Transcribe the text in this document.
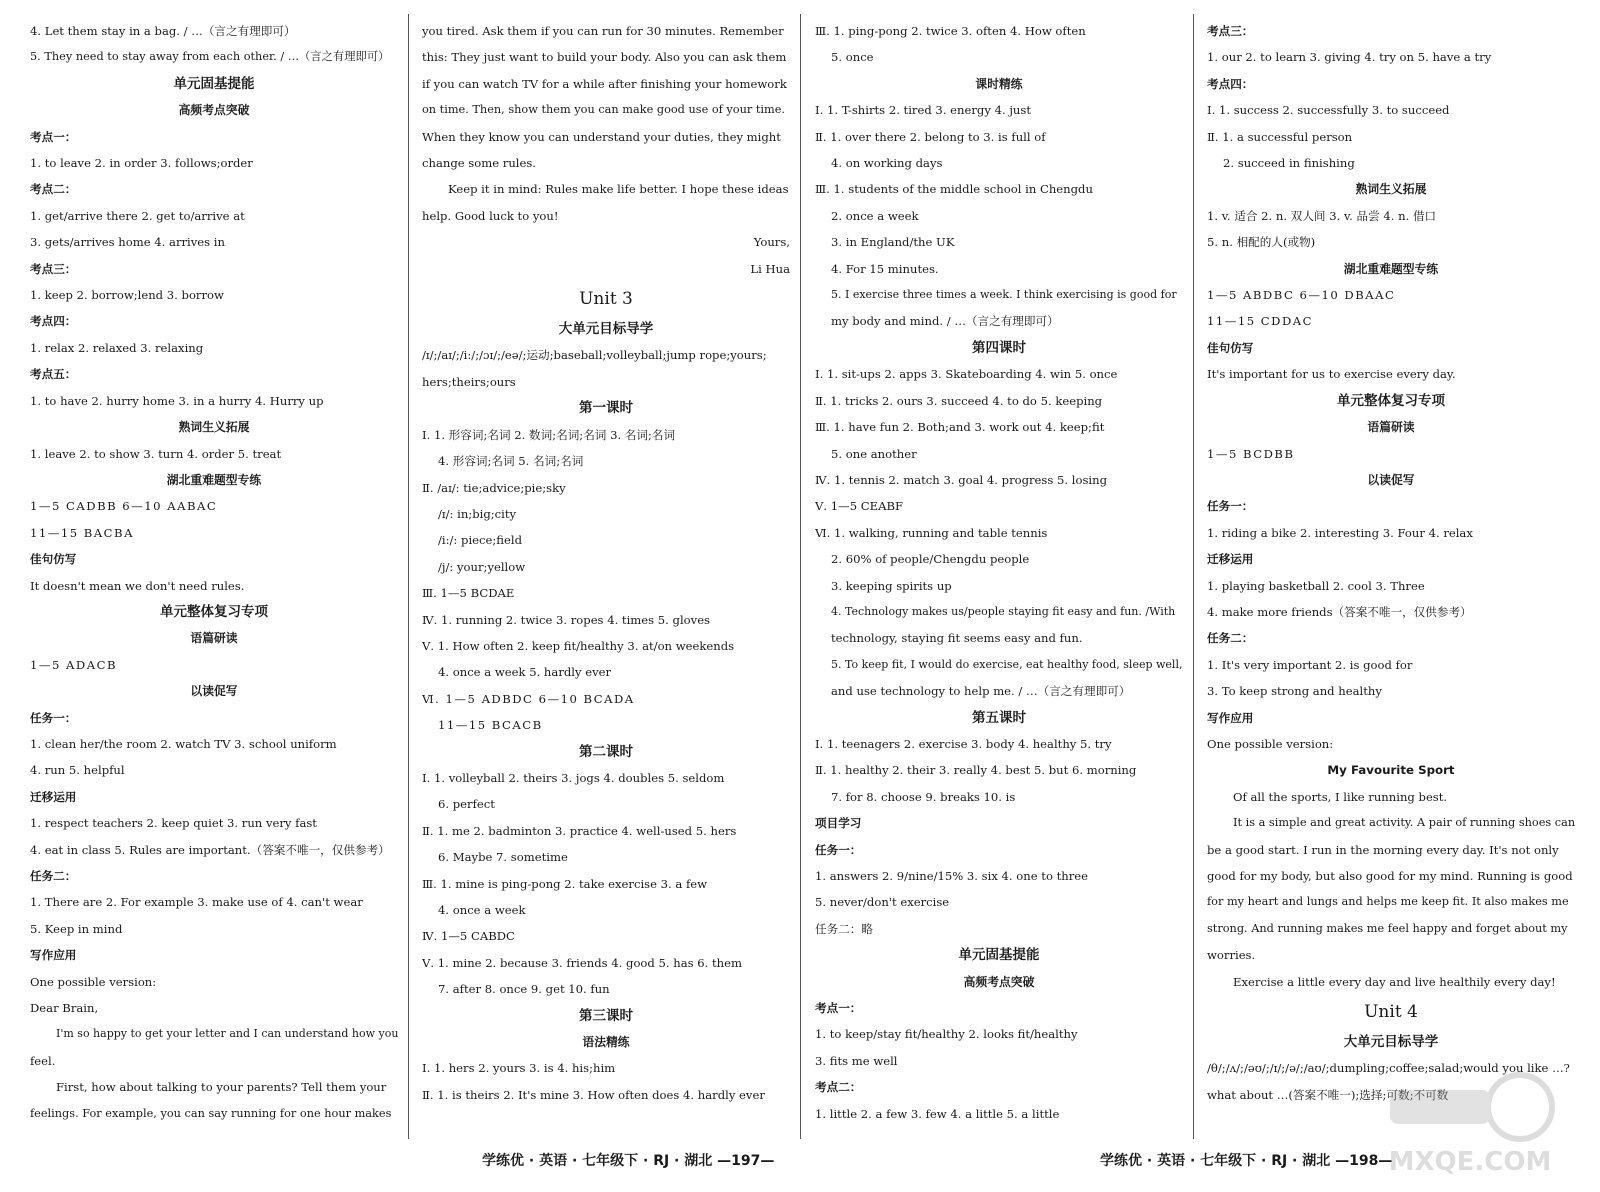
4. Let them stay in a bag. / …（言之有理即可）
5. They need to stay away from each other. / …（言之有理即可）
单元固基提能
高频考点突破
考点一：
1. to leave 2. in order 3. follows;order
考点二：
1. get/arrive there 2. get to/arrive at
3. gets/arrives home 4. arrives in
考点三：
1. keep 2. borrow;lend 3. borrow
考点四：
1. relax 2. relaxed 3. relaxing
考点五：
1. to have 2. hurry home 3. in a hurry 4. Hurry up
熟词生义拓展
1. leave 2. to show 3. turn 4. order 5. treat
湖北重难题型专练
1—5 CADBB 6—10 AABAC
11—15 BACBA
佳句仿写
It doesn't mean we don't need rules.
单元整体复习专项
语篇研读
1—5 ADACB
以读促写
任务一：
1. clean her/the room 2. watch TV 3. school uniform
4. run 5. helpful
迁移运用
1. respect teachers 2. keep quiet 3. run very fast
4. eat in class 5. Rules are important.（答案不唯一，仅供参考）
任务二：
1. There are 2. For example 3. make use of 4. can't wear
5. Keep in mind
写作应用
One possible version:
Dear Brain,
I'm so happy to get your letter and I can understand how you
feel.
First, how about talking to your parents? Tell them your
feelings. For example, you can say running for one hour makes
you tired. Ask them if you can run for 30 minutes. Remember
this: They just want to build your body. Also you can ask them
if you can watch TV for a while after finishing your homework
on time. Then, show them you can make good use of your time.
When they know you can understand your duties, they might
change some rules.
Keep it in mind: Rules make life better. I hope these ideas
help. Good luck to you!
Yours,
Li Hua
Unit 3
大单元目标导学
/ɪ/;/aɪ/;/i:/;/ɔɪ/;/eə/;运动;baseball;volleyball;jump rope;yours;
hers;theirs;ours
第一课时
Ⅰ. 1. 形容词;名词 2. 数词;名词;名词 3. 名词;名词
4. 形容词;名词 5. 名词;名词
Ⅱ. /aɪ/: tie;advice;pie;sky
/ɪ/: in;big;city
/i:/: piece;field
/j/: your;yellow
Ⅲ. 1—5 BCDAE
Ⅳ. 1. running 2. twice 3. ropes 4. times 5. gloves
Ⅴ. 1. How often 2. keep fit/healthy 3. at/on weekends
4. once a week 5. hardly ever
Ⅵ. 1—5 ADBDC 6—10 BCADA
11—15 BCACB
第二课时
Ⅰ. 1. volleyball 2. theirs 3. jogs 4. doubles 5. seldom
6. perfect
Ⅱ. 1. me 2. badminton 3. practice 4. well-used 5. hers
6. Maybe 7. sometime
Ⅲ. 1. mine is ping-pong 2. take exercise 3. a few
4. once a week
Ⅳ. 1—5 CABDC
Ⅴ. 1. mine 2. because 3. friends 4. good 5. has 6. them
7. after 8. once 9. get 10. fun
第三课时
语法精练
Ⅰ. 1. hers 2. yours 3. is 4. his;him
Ⅱ. 1. is theirs 2. It's mine 3. How often does 4. hardly ever
Ⅲ. 1. ping-pong 2. twice 3. often 4. How often
5. once
课时精练
Ⅰ. 1. T-shirts 2. tired 3. energy 4. just
Ⅱ. 1. over there 2. belong to 3. is full of
4. on working days
Ⅲ. 1. students of the middle school in Chengdu
2. once a week
3. in England/the UK
4. For 15 minutes.
5. I exercise three times a week. I think exercising is good for
my body and mind. / …（言之有理即可）
第四课时
Ⅰ. 1. sit-ups 2. apps 3. Skateboarding 4. win 5. once
Ⅱ. 1. tricks 2. ours 3. succeed 4. to do 5. keeping
Ⅲ. 1. have fun 2. Both;and 3. work out 4. keep;fit
5. one another
Ⅳ. 1. tennis 2. match 3. goal 4. progress 5. losing
Ⅴ. 1—5 CEABF
Ⅵ. 1. walking, running and table tennis
2. 60% of people/Chengdu people
3. keeping spirits up
4. Technology makes us/people staying fit easy and fun. /With
technology, staying fit seems easy and fun.
5. To keep fit, I would do exercise, eat healthy food, sleep well,
and use technology to help me. / …（言之有理即可）
第五课时
Ⅰ. 1. teenagers 2. exercise 3. body 4. healthy 5. try
Ⅱ. 1. healthy 2. their 3. really 4. best 5. but 6. morning
7. for 8. choose 9. breaks 10. is
项目学习
任务一：
1. answers 2. 9/nine/15% 3. six 4. one to three
5. never/don't exercise
任务二：略
单元固基提能
高频考点突破
考点一：
1. to keep/stay fit/healthy 2. looks fit/healthy
3. fits me well
考点二：
1. little 2. a few 3. few 4. a little 5. a little
考点三：
1. our 2. to learn 3. giving 4. try on 5. have a try
考点四：
Ⅰ. 1. success 2. successfully 3. to succeed
Ⅱ. 1. a successful person
2. succeed in finishing
熟词生义拓展
1. v. 适合 2. n. 双人间 3. v. 品尝 4. n. 借口
5. n. 相配的人(或物)
湖北重难题型专练
1—5 ABDBC 6—10 DBAAC
11—15 CDDAC
佳句仿写
It's important for us to exercise every day.
单元整体复习专项
语篇研读
1—5 BCDBB
以读促写
任务一：
1. riding a bike 2. interesting 3. Four 4. relax
迁移运用
1. playing basketball 2. cool 3. Three
4. make more friends（答案不唯一，仅供参考）
任务二：
1. It's very important 2. is good for
3. To keep strong and healthy
写作应用
One possible version:
My Favourite Sport
Of all the sports, I like running best.
It is a simple and great activity. A pair of running shoes can
be a good start. I run in the morning every day. It's not only
good for my body, but also good for my mind. Running is good
for my heart and lungs and helps me keep fit. It also makes me
strong. And running makes me feel happy and forget about my
worries.
Exercise a little every day and live healthily every day!
Unit 4
大单元目标导学
/θ/;/ʌ/;/əʊ/;/ɪ/;/ə/;/aʊ/;dumpling;coffee;salad;would you like …?
what about …(答案不唯一);选择;可数;不可数
学练优 · 英语 · 七年级下 · RJ · 湖北 —197—	学练优 · 英语 · 七年级下 · RJ · 湖北 —198—
MXQE.COM
